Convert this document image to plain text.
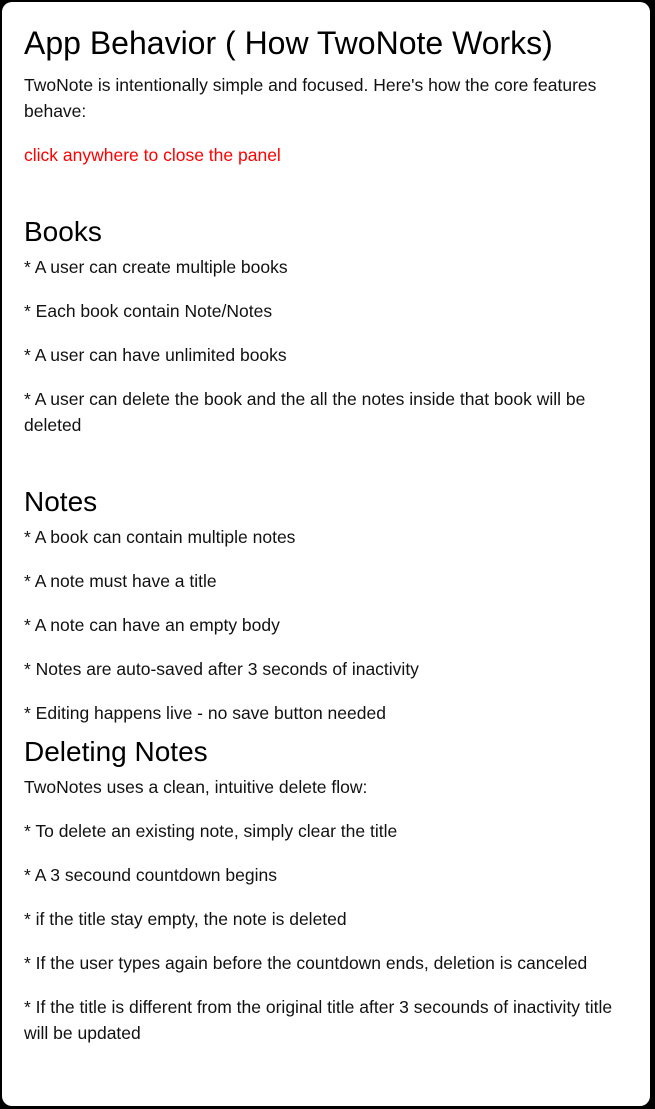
App Behavior ( How TwoNote Works)

TwoNote is intentionally simple and focused. Here's how the core features behave:

click anywhere to close the panel

Books

* A user can create multiple books

* Each book contain Note/Notes

* A user can have unlimited books

* A user can delete the book and the all the notes inside that book will be deleted

Notes

* A book can contain multiple notes

* A note must have a title

* A note can have an empty body

* Notes are auto-saved after 3 seconds of inactivity

* Editing happens live - no save button needed

Deleting Notes

TwoNotes uses a clean, intuitive delete flow:

* To delete an existing note, simply clear the title

* A 3 secound countdown begins

* if the title stay empty, the note is deleted

* If the user types again before the countdown ends, deletion is canceled

* If the title is different from the original title after 3 secounds of inactivity title will be updated
